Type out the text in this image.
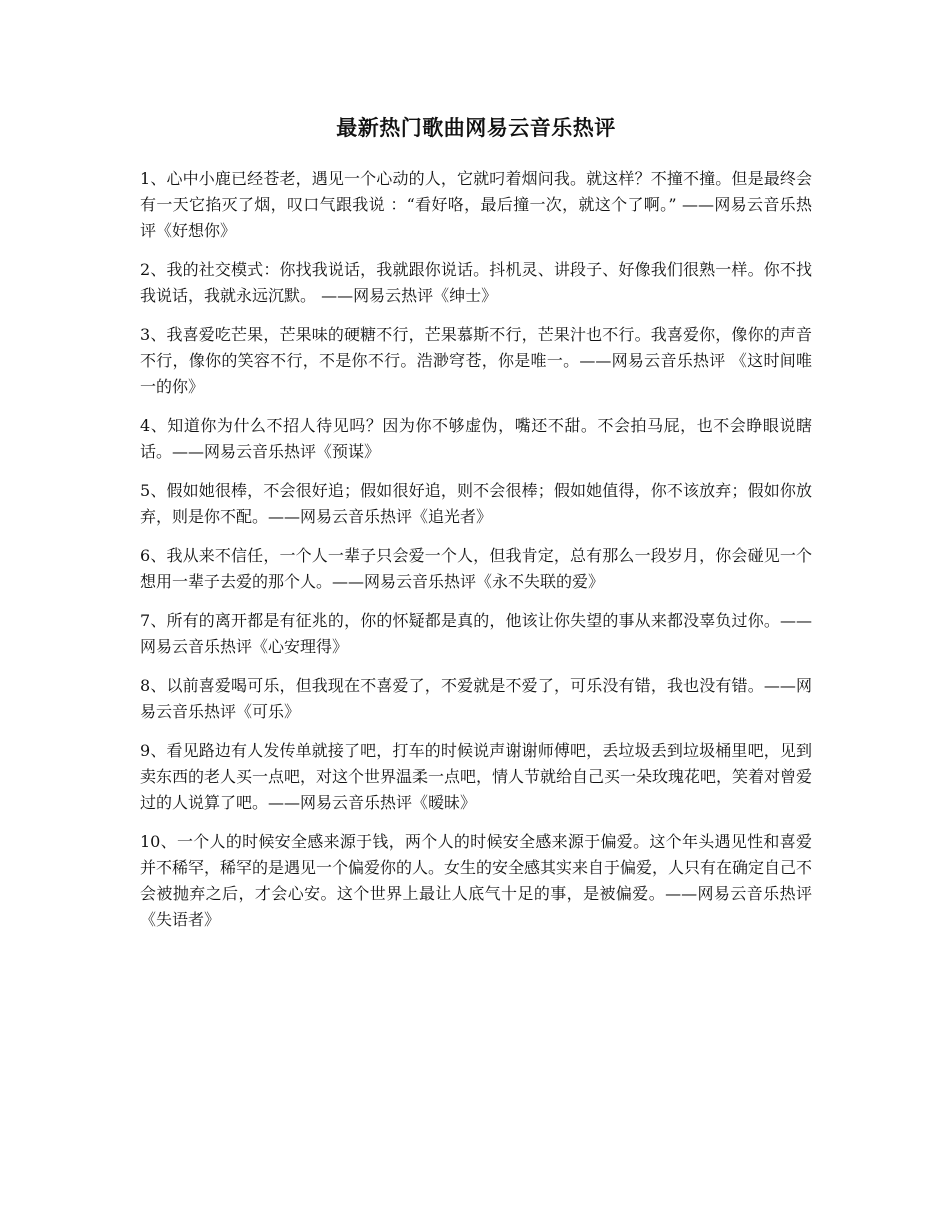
最新热门歌曲网易云音乐热评
1、心中小鹿已经苍老，遇见一个心动的人，它就叼着烟问我。就这样？不撞不撞。但是最终会有一天它掐灭了烟，叹口气跟我说 ：“看好咯，最后撞一次，就这个了啊。” ——网易云音乐热评《好想你》
2、我的社交模式：你找我说话，我就跟你说话。抖机灵、讲段子、好像我们很熟一样。你不找我说话，我就永远沉默。 ——网易云热评《绅士》
3、我喜爱吃芒果，芒果味的硬糖不行，芒果慕斯不行，芒果汁也不行。我喜爱你，像你的声音不行，像你的笑容不行，不是你不行。浩渺穹苍，你是唯一。——网易云音乐热评 《这时间唯一的你》
4、知道你为什么不招人待见吗？因为你不够虚伪，嘴还不甜。不会拍马屁，也不会睁眼说瞎话。——网易云音乐热评《预谋》
5、假如她很棒，不会很好追；假如很好追，则不会很棒；假如她值得，你不该放弃；假如你放弃，则是你不配。——网易云音乐热评《追光者》
6、我从来不信任，一个人一辈子只会爱一个人，但我肯定，总有那么一段岁月，你会碰见一个想用一辈子去爱的那个人。——网易云音乐热评《永不失联的爱》
7、所有的离开都是有征兆的，你的怀疑都是真的，他该让你失望的事从来都没辜负过你。——网易云音乐热评《心安理得》
8、以前喜爱喝可乐，但我现在不喜爱了，不爱就是不爱了，可乐没有错，我也没有错。——网易云音乐热评《可乐》
9、看见路边有人发传单就接了吧，打车的时候说声谢谢师傅吧，丢垃圾丢到垃圾桶里吧，见到卖东西的老人买一点吧，对这个世界温柔一点吧，情人节就给自己买一朵玫瑰花吧，笑着对曾爱过的人说算了吧。——网易云音乐热评《暧昧》
10、一个人的时候安全感来源于钱，两个人的时候安全感来源于偏爱。这个年头遇见性和喜爱并不稀罕，稀罕的是遇见一个偏爱你的人。女生的安全感其实来自于偏爱，人只有在确定自己不会被抛弃之后，才会心安。这个世界上最让人底气十足的事，是被偏爱。——网易云音乐热评《失语者》
